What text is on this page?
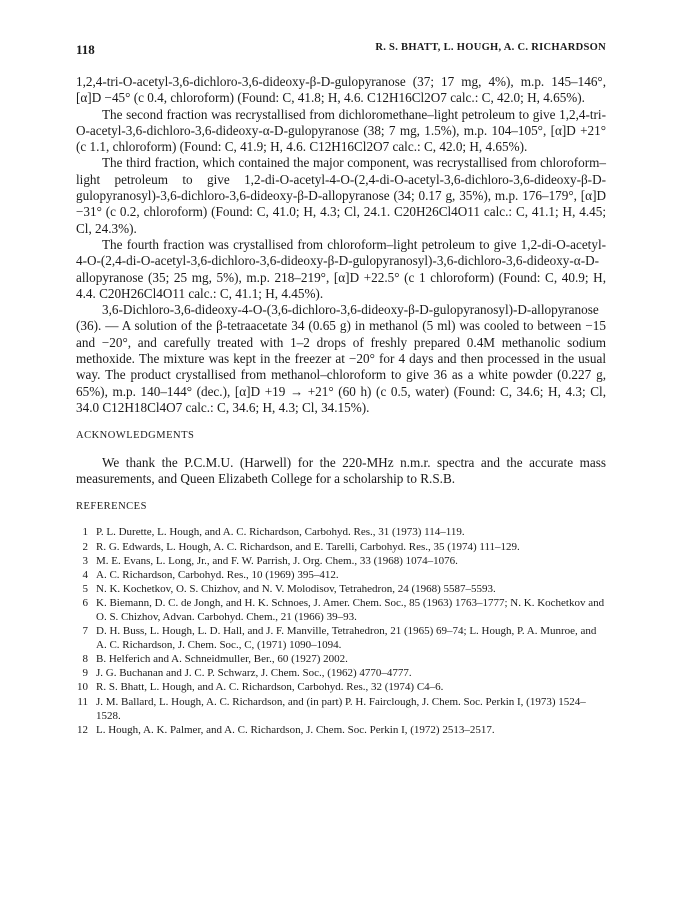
118	R. S. BHATT, L. HOUGH, A. C. RICHARDSON

1,2,4-tri-O-acetyl-3,6-dichloro-3,6-dideoxy-β-D-gulopyranose (37; 17 mg, 4%), m.p. 145–146°, [α]D −45° (c 0.4, chloroform) (Found: C, 41.8; H, 4.6. C12H16Cl2O7 calc.: C, 42.0; H, 4.65%).

The second fraction was recrystallised from dichloromethane–light petroleum to give 1,2,4-tri-O-acetyl-3,6-dichloro-3,6-dideoxy-α-D-gulopyranose (38; 7 mg, 1.5%), m.p. 104–105°, [α]D +21° (c 1.1, chloroform) (Found: C, 41.9; H, 4.6. C12H16Cl2O7 calc.: C, 42.0; H, 4.65%).

The third fraction, which contained the major component, was recrystallised from chloroform–light petroleum to give 1,2-di-O-acetyl-4-O-(2,4-di-O-acetyl-3,6-dichloro-3,6-dideoxy-β-D-gulopyranosyl)-3,6-dichloro-3,6-dideoxy-β-D-allopyranose (34; 0.17 g, 35%), m.p. 176–179°, [α]D −31° (c 0.2, chloroform) (Found: C, 41.0; H, 4.3; Cl, 24.1. C20H26Cl4O11 calc.: C, 41.1; H, 4.45; Cl, 24.3%).

The fourth fraction was crystallised from chloroform–light petroleum to give 1,2-di-O-acetyl-4-O-(2,4-di-O-acetyl-3,6-dichloro-3,6-dideoxy-β-D-gulopyranosyl)-3,6-dichloro-3,6-dideoxy-α-D-allopyranose (35; 25 mg, 5%), m.p. 218–219°, [α]D +22.5° (c 1 chloroform) (Found: C, 40.9; H, 4.4. C20H26Cl4O11 calc.: C, 41.1; H, 4.45%).

3,6-Dichloro-3,6-dideoxy-4-O-(3,6-dichloro-3,6-dideoxy-β-D-gulopyranosyl)-D-allopyranose (36). — A solution of the β-tetraacetate 34 (0.65 g) in methanol (5 ml) was cooled to between −15 and −20°, and carefully treated with 1–2 drops of freshly prepared 0.4M methanolic sodium methoxide. The mixture was kept in the freezer at −20° for 4 days and then processed in the usual way. The product crystallised from methanol–chloroform to give 36 as a white powder (0.227 g, 65%), m.p. 140–144° (dec.), [α]D +19 → +21° (60 h) (c 0.5, water) (Found: C, 34.6; H, 4.3; Cl, 34.0 C12H18Cl4O7 calc.: C, 34.6; H, 4.3; Cl, 34.15%).

ACKNOWLEDGMENTS

We thank the P.C.M.U. (Harwell) for the 220-MHz n.m.r. spectra and the accurate mass measurements, and Queen Elizabeth College for a scholarship to R.S.B.

REFERENCES
1 P. L. Durette, L. Hough, and A. C. Richardson, Carbohyd. Res., 31 (1973) 114–119.
2 R. G. Edwards, L. Hough, A. C. Richardson, and E. Tarelli, Carbohyd. Res., 35 (1974) 111–129.
3 M. E. Evans, L. Long, Jr., and F. W. Parrish, J. Org. Chem., 33 (1968) 1074–1076.
4 A. C. Richardson, Carbohyd. Res., 10 (1969) 395–412.
5 N. K. Kochetkov, O. S. Chizhov, and N. V. Molodisov, Tetrahedron, 24 (1968) 5587–5593.
6 K. Biemann, D. C. de Jongh, and H. K. Schnoes, J. Amer. Chem. Soc., 85 (1963) 1763–1777; N. K. Kochetkov and O. S. Chizhov, Advan. Carbohyd. Chem., 21 (1966) 39–93.
7 D. H. Buss, L. Hough, L. D. Hall, and J. F. Manville, Tetrahedron, 21 (1965) 69–74; L. Hough, P. A. Munroe, and A. C. Richardson, J. Chem. Soc., C, (1971) 1090–1094.
8 B. Helferich and A. Schneidmuller, Ber., 60 (1927) 2002.
9 J. G. Buchanan and J. C. P. Schwarz, J. Chem. Soc., (1962) 4770–4777.
10 R. S. Bhatt, L. Hough, and A. C. Richardson, Carbohyd. Res., 32 (1974) C4–6.
11 J. M. Ballard, L. Hough, A. C. Richardson, and (in part) P. H. Fairclough, J. Chem. Soc. Perkin I, (1973) 1524–1528.
12 L. Hough, A. K. Palmer, and A. C. Richardson, J. Chem. Soc. Perkin I, (1972) 2513–2517.
